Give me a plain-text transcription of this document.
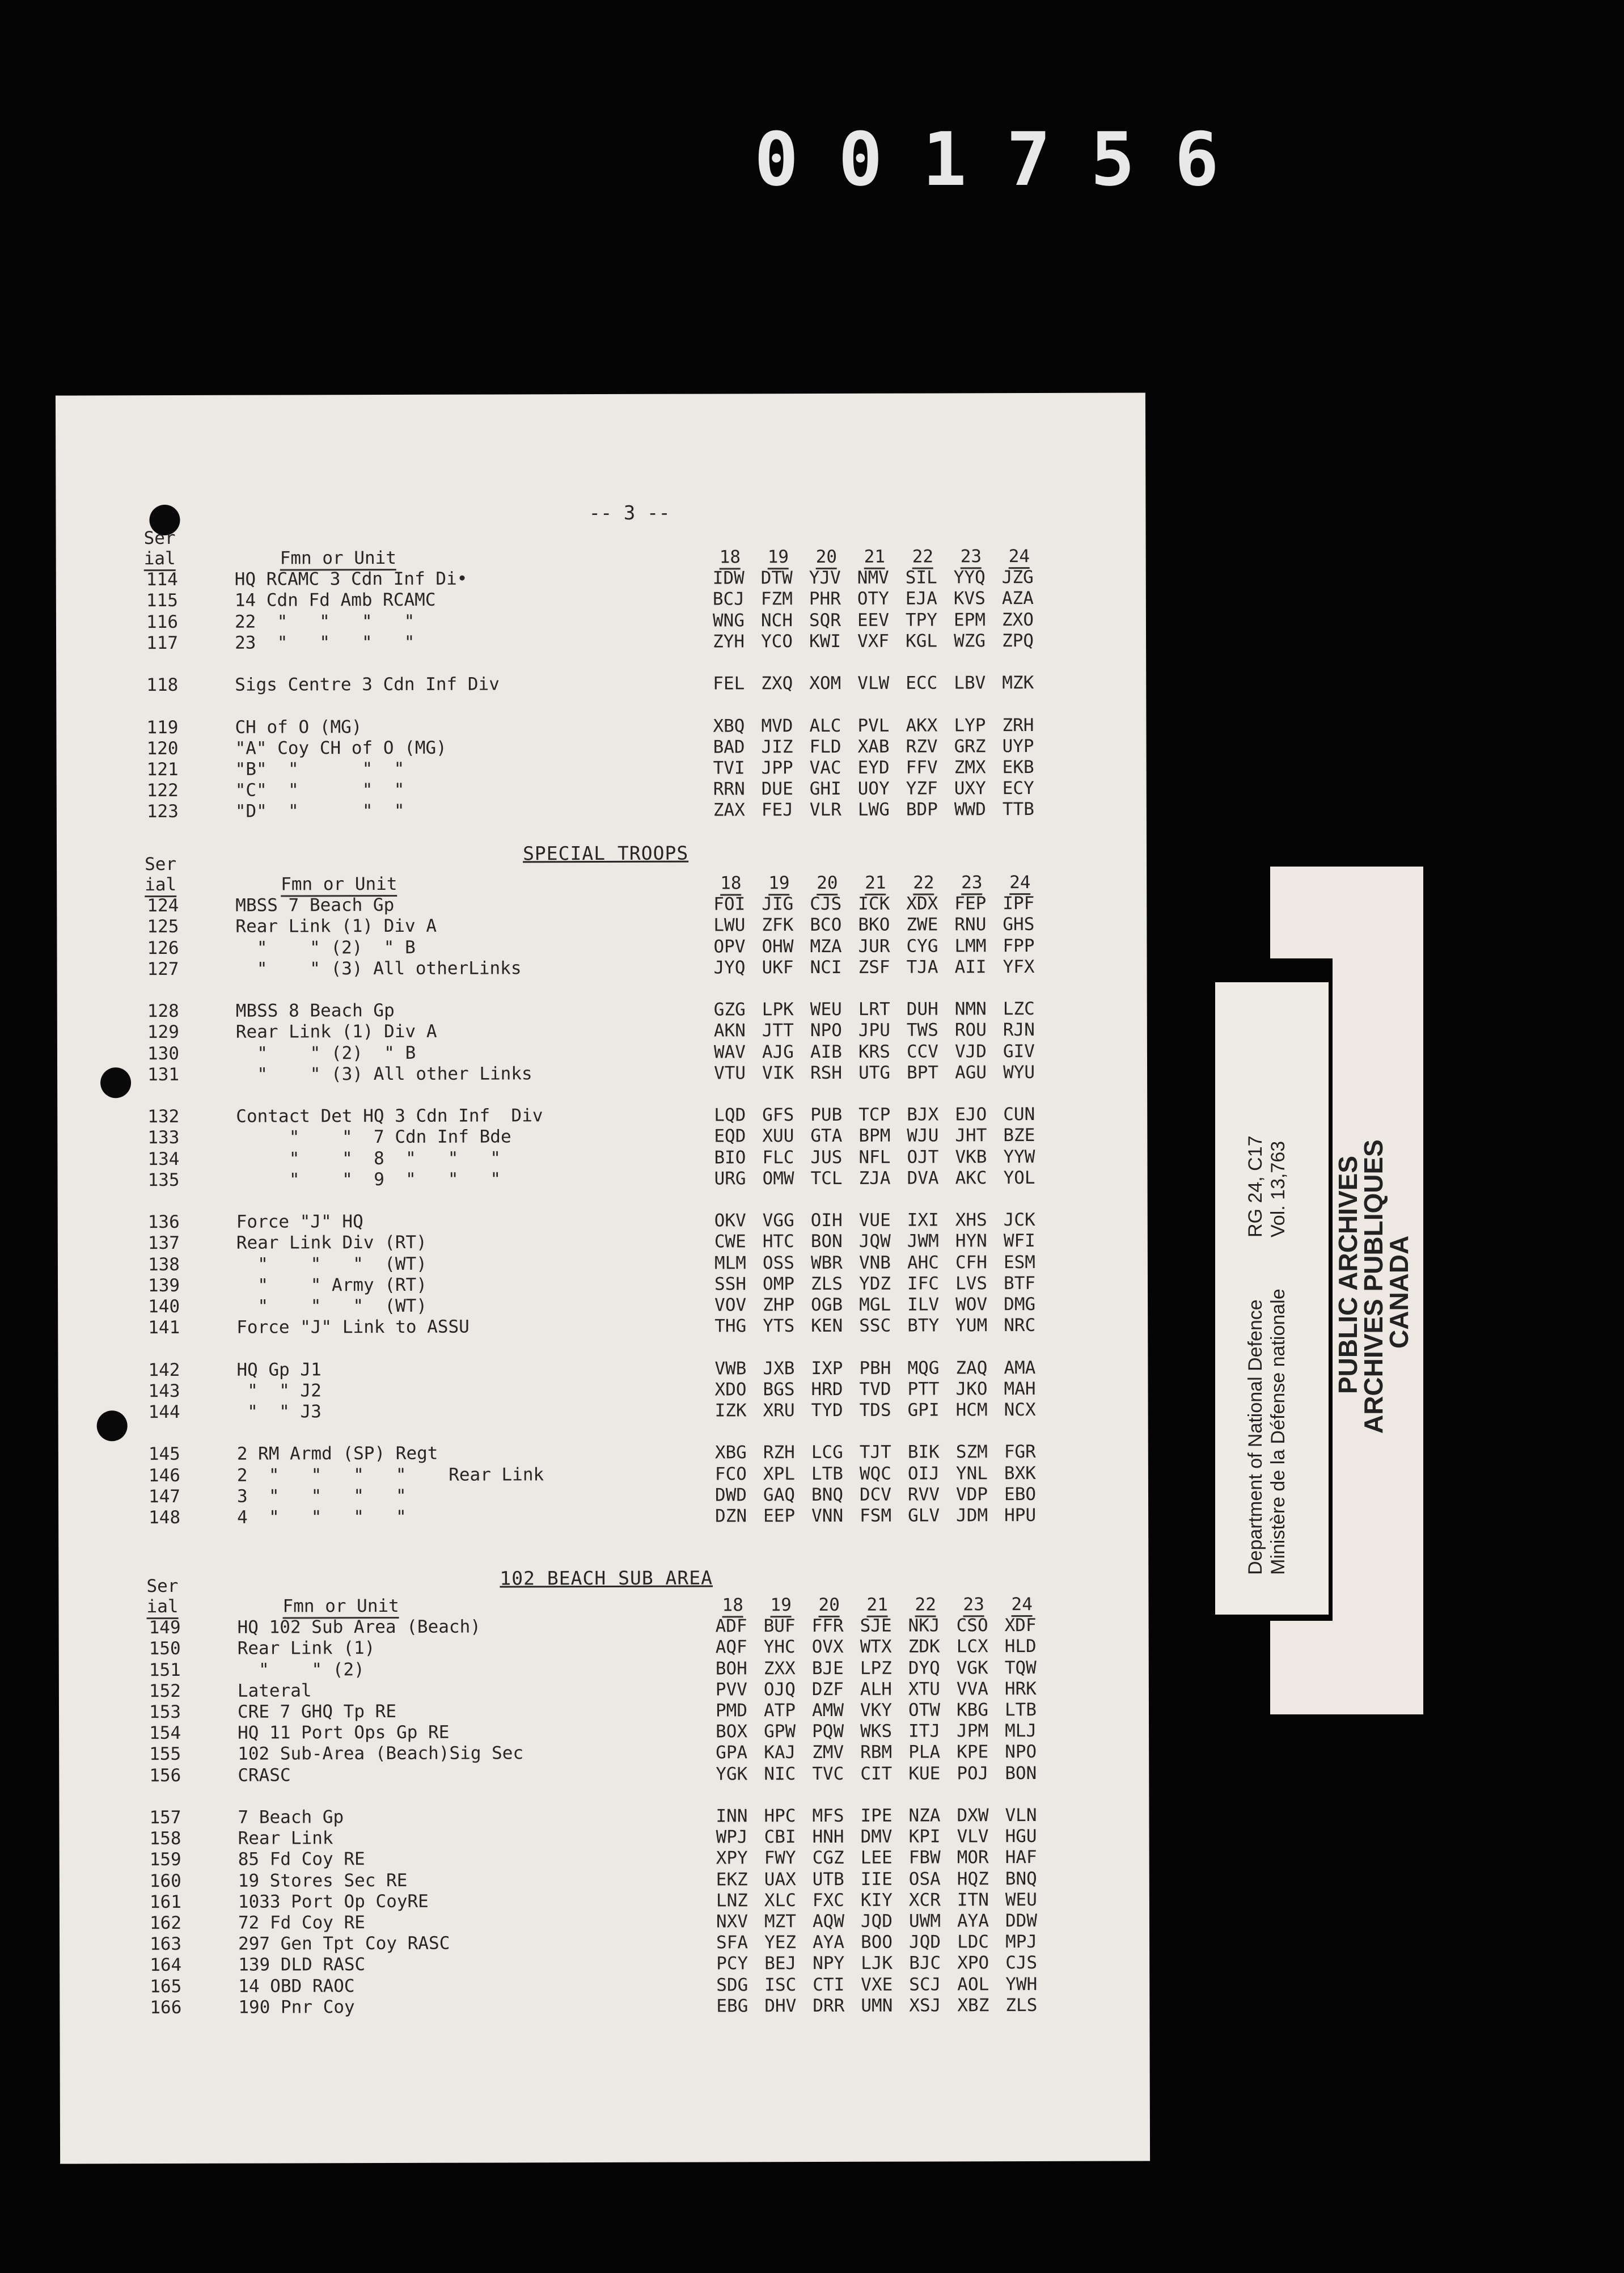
001756
-- 3 --
SPECIAL TROOPS
102 BEACH SUB AREA
Ser
ial	Fmn or Unit	18 19 20 21 22 23 24
114	HQ RCAMC 3 Cdn Inf Di•	IDW DTW YJV NMV SIL YYQ JZG
115	14 Cdn Fd Amb RCAMC	BCJ FZM PHR OTY EJA KVS AZA
116	22  "   "   "   "	WNG NCH SQR EEV TPY EPM ZXO
117	23  "   "   "   "	ZYH YCO KWI VXF KGL WZG ZPQ
118	Sigs Centre 3 Cdn Inf Div	FEL ZXQ XOM VLW ECC LBV MZK
119	CH of O (MG)	XBQ MVD ALC PVL AKX LYP ZRH
120	"A" Coy CH of O (MG)	BAD JIZ FLD XAB RZV GRZ UYP
121	"B"  "      "  "	TVI JPP VAC EYD FFV ZMX EKB
122	"C"  "      "  "	RRN DUE GHI UOY YZF UXY ECY
123	"D"  "      "  "	ZAX FEJ VLR LWG BDP WWD TTB
Ser
ial	Fmn or Unit	18 19 20 21 22 23 24
124	MBSS 7 Beach Gp	FOI JIG CJS ICK XDX FEP IPF
125	Rear Link (1) Div A	LWU ZFK BCO BKO ZWE RNU GHS
126	"    " (2)  " B	OPV OHW MZA JUR CYG LMM FPP
127	"    " (3) All otherLinks	JYQ UKF NCI ZSF TJA AII YFX
128	MBSS 8 Beach Gp	GZG LPK WEU LRT DUH NMN LZC
129	Rear Link (1) Div A	AKN JTT NPO JPU TWS ROU RJN
130	"    " (2)  " B	WAV AJG AIB KRS CCV VJD GIV
131	"    " (3) All other Links	VTU VIK RSH UTG BPT AGU WYU
132	Contact Det HQ 3 Cdn Inf  Div	LQD GFS PUB TCP BJX EJO CUN
133	"    "  7 Cdn Inf Bde	EQD XUU GTA BPM WJU JHT BZE
134	"    "  8  "   "   "	BIO FLC JUS NFL OJT VKB YYW
135	"    "  9  "   "   "	URG OMW TCL ZJA DVA AKC YOL
136	Force "J" HQ	OKV VGG OIH VUE IXI XHS JCK
137	Rear Link Div (RT)	CWE HTC BON JQW JWM HYN WFI
138	"    "   "  (WT)	MLM OSS WBR VNB AHC CFH ESM
139	"    " Army (RT)	SSH OMP ZLS YDZ IFC LVS BTF
140	"    "   "  (WT)	VOV ZHP OGB MGL ILV WOV DMG
141	Force "J" Link to ASSU	THG YTS KEN SSC BTY YUM NRC
142	HQ Gp J1	VWB JXB IXP PBH MQG ZAQ AMA
143	"  " J2	XDO BGS HRD TVD PTT JKO MAH
144	"  " J3	IZK XRU TYD TDS GPI HCM NCX
145	2 RM Armd (SP) Regt	XBG RZH LCG TJT BIK SZM FGR
146	2  "   "   "   "    Rear Link	FCO XPL LTB WQC OIJ YNL BXK
147	3  "   "   "   "	DWD GAQ BNQ DCV RVV VDP EBO
148	4  "   "   "   "	DZN EEP VNN FSM GLV JDM HPU
Ser
ial	Fmn or Unit	18 19 20 21 22 23 24
149	HQ 102 Sub Area (Beach)	ADF BUF FFR SJE NKJ CSO XDF
150	Rear Link (1)	AQF YHC OVX WTX ZDK LCX HLD
151	"    " (2)	BOH ZXX BJE LPZ DYQ VGK TQW
152	Lateral	PVV OJQ DZF ALH XTU VVA HRK
153	CRE 7 GHQ Tp RE	PMD ATP AMW VKY OTW KBG LTB
154	HQ 11 Port Ops Gp RE	BOX GPW PQW WKS ITJ JPM MLJ
155	102 Sub-Area (Beach)Sig Sec	GPA KAJ ZMV RBM PLA KPE NPO
156	CRASC	YGK NIC TVC CIT KUE POJ BON
157	7 Beach Gp	INN HPC MFS IPE NZA DXW VLN
158	Rear Link	WPJ CBI HNH DMV KPI VLV HGU
159	85 Fd Coy RE	XPY FWY CGZ LEE FBW MOR HAF
160	19 Stores Sec RE	EKZ UAX UTB IIE OSA HQZ BNQ
161	1033 Port Op CoyRE	LNZ XLC FXC KIY XCR ITN WEU
162	72 Fd Coy RE	NXV MZT AQW JQD UWM AYA DDW
163	297 Gen Tpt Coy RASC	SFA YEZ AYA BOO JQD LDC MPJ
164	139 DLD RASC	PCY BEJ NPY LJK BJC XPO CJS
165	14 OBD RAOC	SDG ISC CTI VXE SCJ AOL YWH
166	190 Pnr Coy	EBG DHV DRR UMN XSJ XBZ ZLS
PUBLIC ARCHIVES
ARCHIVES PUBLIQUES
CANADA
Department of National Defence Ministère de la Défense nationale
RG 24, C17 Vol. 13,763
